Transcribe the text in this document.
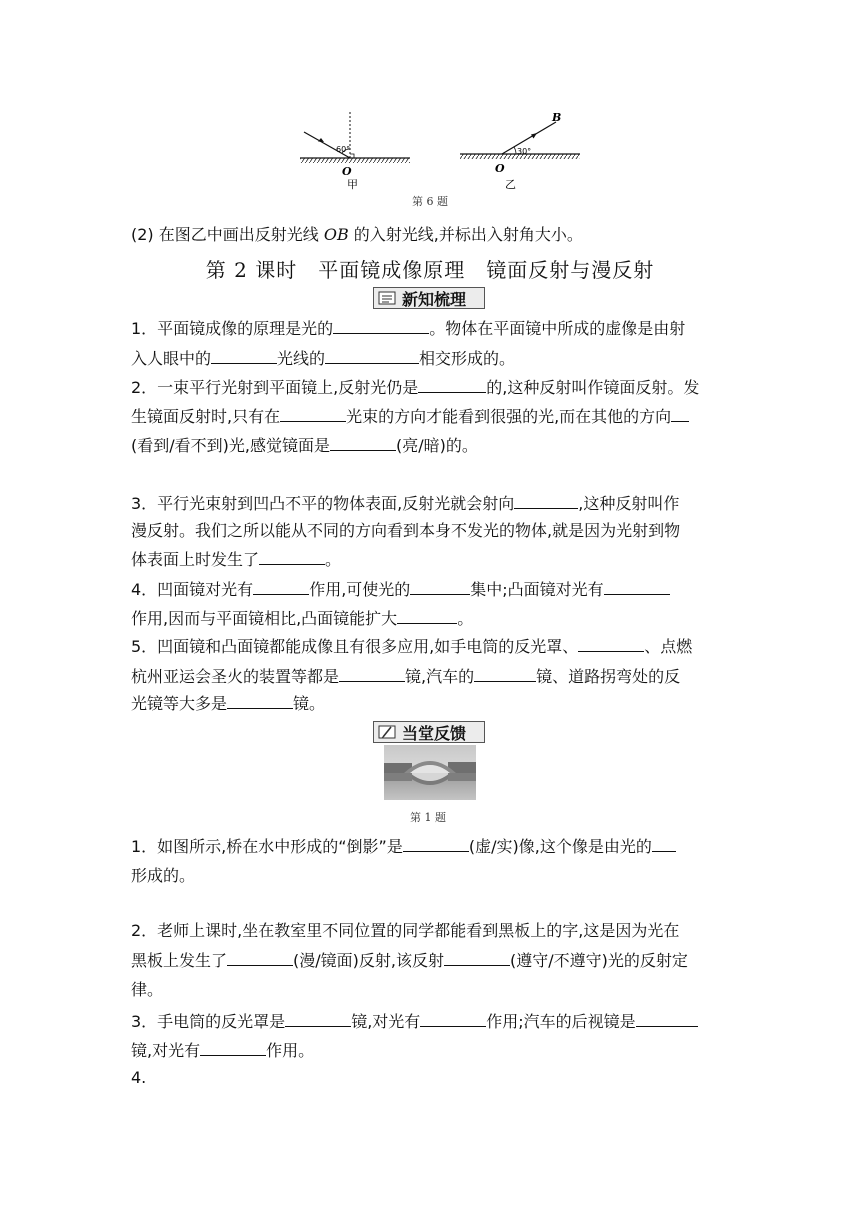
60°
O
甲
30°
B
O
乙
第 6 题
(2) 在图乙中画出反射光线 OB 的入射光线,并标出入射角大小。
第 2 课时　平面镜成像原理　镜面反射与漫反射
新知梳理
1．平面镜成像的原理是光的	。物体在平面镜中所成的虚像是由射
入人眼中的	光线的	相交形成的。
2．一束平行光射到平面镜上,反射光仍是	的,这种反射叫作镜面反射。发
生镜面反射时,只有在	光束的方向才能看到很强的光,而在其他的方向
(看到/看不到)光,感觉镜面是	(亮/暗)的。
3．平行光束射到凹凸不平的物体表面,反射光就会射向	,这种反射叫作
漫反射。我们之所以能从不同的方向看到本身不发光的物体,就是因为光射到物
体表面上时发生了	。
4．凹面镜对光有	作用,可使光的	集中;凸面镜对光有
作用,因而与平面镜相比,凸面镜能扩大	。
5．凹面镜和凸面镜都能成像且有很多应用,如手电筒的反光罩、	、点燃
杭州亚运会圣火的装置等都是	镜,汽车的	镜、道路拐弯处的反
光镜等大多是	镜。
当堂反馈
第 1 题
1．如图所示,桥在水中形成的“倒影”是	(虚/实)像,这个像是由光的
形成的。
2．老师上课时,坐在教室里不同位置的同学都能看到黑板上的字,这是因为光在
黑板上发生了	(漫/镜面)反射,该反射	(遵守/不遵守)光的反射定
律。
3．手电筒的反光罩是	镜,对光有	作用;汽车的后视镜是
镜,对光有	作用。
4.
